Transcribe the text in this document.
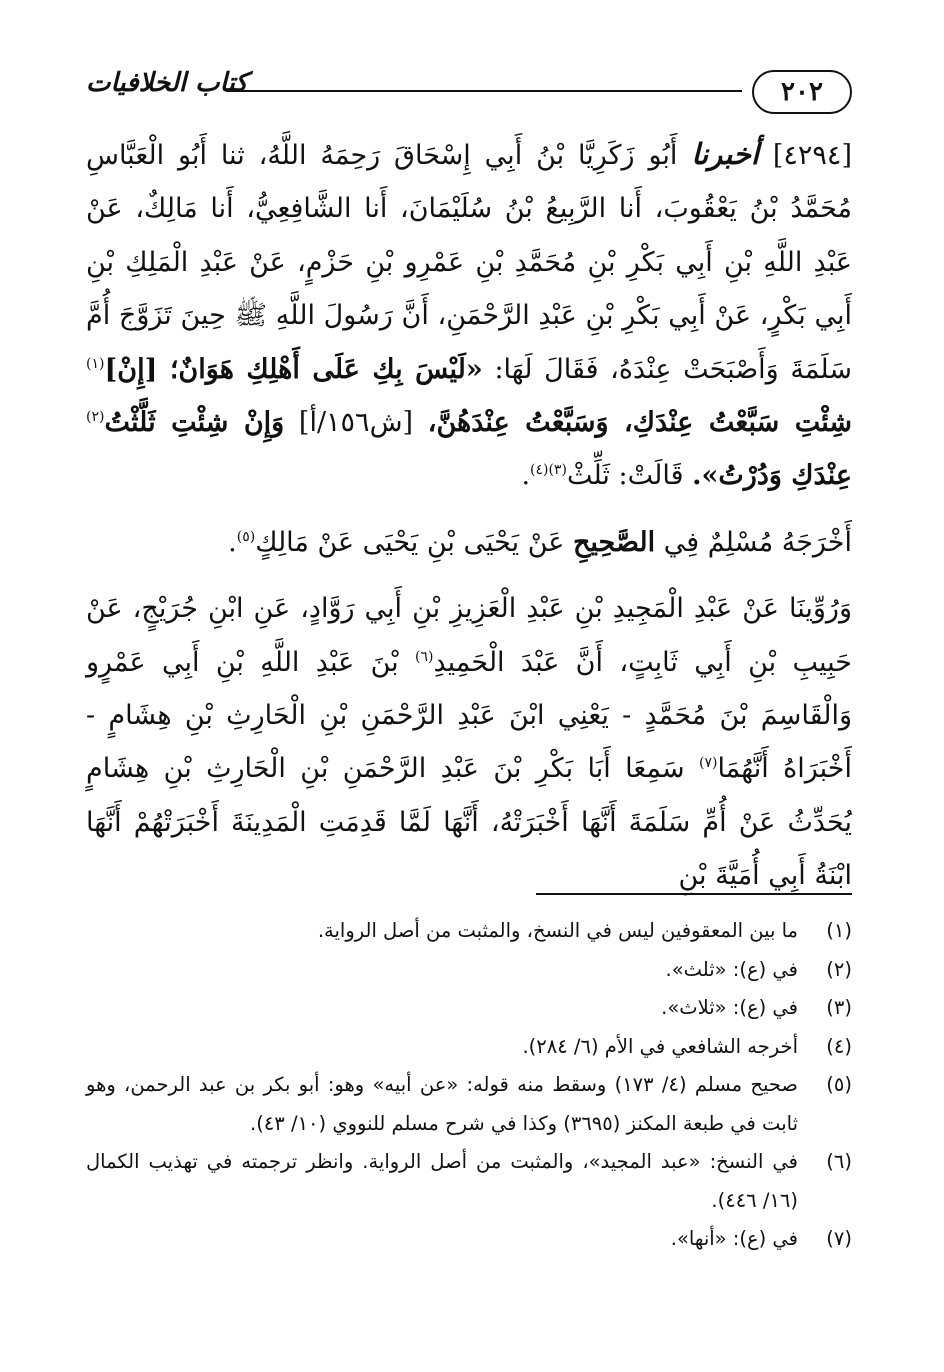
٢٠٢
كتاب الخلافيات

[٤٢٩٤] أخبرنا أَبُو زَكَرِيَّا بْنُ أَبِي إِسْحَاقَ رَحِمَهُ اللَّهُ، ثنا أَبُو الْعَبَّاسِ مُحَمَّدُ بْنُ يَعْقُوبَ، أَنا الرَّبِيعُ بْنُ سُلَيْمَانَ، أَنا الشَّافِعِيُّ، أَنا مَالِكٌ، عَنْ عَبْدِ اللَّهِ بْنِ أَبِي بَكْرِ بْنِ مُحَمَّدِ بْنِ عَمْرِو بْنِ حَزْمٍ، عَنْ عَبْدِ الْمَلِكِ بْنِ أَبِي بَكْرٍ، عَنْ أَبِي بَكْرِ بْنِ عَبْدِ الرَّحْمَنِ، أَنَّ رَسُولَ اللَّهِ ﷺ حِينَ تَزَوَّجَ أُمَّ سَلَمَةَ وَأَصْبَحَتْ عِنْدَهُ، فَقَالَ لَهَا: «لَيْسَ بِكِ عَلَى أَهْلِكِ هَوَانٌ؛ [إِنْ]$^{(١)}$ شِئْتِ سَبَّعْتُ عِنْدَكِ، وَسَبَّعْتُ عِنْدَهُنَّ، [ش١٥٦/أ] وَإِنْ شِئْتِ ثَلَّثْتُ$^{(٢)}$ عِنْدَكِ وَدُرْتُ». قَالَتْ: ثَلِّثْ$^{(٣)(٤)}$.

أَخْرَجَهُ مُسْلِمٌ فِي الصَّحِيحِ عَنْ يَحْيَى بْنِ يَحْيَى عَنْ مَالِكٍ$^{(٥)}$.

وَرُوِّينَا عَنْ عَبْدِ الْمَجِيدِ بْنِ عَبْدِ الْعَزِيزِ بْنِ أَبِي رَوَّادٍ، عَنِ ابْنِ جُرَيْجٍ، عَنْ حَبِيبِ بْنِ أَبِي ثَابِتٍ، أَنَّ عَبْدَ الْحَمِيدِ$^{(٦)}$ بْنَ عَبْدِ اللَّهِ بْنِ أَبِي عَمْرٍو وَالْقَاسِمَ بْنَ مُحَمَّدٍ - يَعْنِي ابْنَ عَبْدِ الرَّحْمَنِ بْنِ الْحَارِثِ بْنِ هِشَامٍ - أَخْبَرَاهُ أَنَّهُمَا$^{(٧)}$ سَمِعَا أَبَا بَكْرِ بْنَ عَبْدِ الرَّحْمَنِ بْنِ الْحَارِثِ بْنِ هِشَامٍ يُحَدِّثُ عَنْ أُمِّ سَلَمَةَ أَنَّهَا أَخْبَرَتْهُ، أَنَّهَا لَمَّا قَدِمَتِ الْمَدِينَةَ أَخْبَرَتْهُمْ أَنَّهَا ابْنَةُ أَبِي أُمَيَّةَ بْنِ

(١)
ما بين المعقوفين ليس في النسخ، والمثبت من أصل الرواية.
(٢)
في (ع): «ثلث».
(٣)
في (ع): «ثلاث».
(٤)
أخرجه الشافعي في الأم (٦/ ٢٨٤).
(٥)
صحيح مسلم (٤/ ١٧٣) وسقط منه قوله: «عن أبيه» وهو: أبو بكر بن عبد الرحمن، وهو ثابت في طبعة المكنز (٣٦٩٥) وكذا في شرح مسلم للنووي (١٠/ ٤٣).
(٦)
في النسخ: «عبد المجيد»، والمثبت من أصل الرواية. وانظر ترجمته في تهذيب الكمال (١٦/ ٤٤٦).
(٧)
في (ع): «أنها».
